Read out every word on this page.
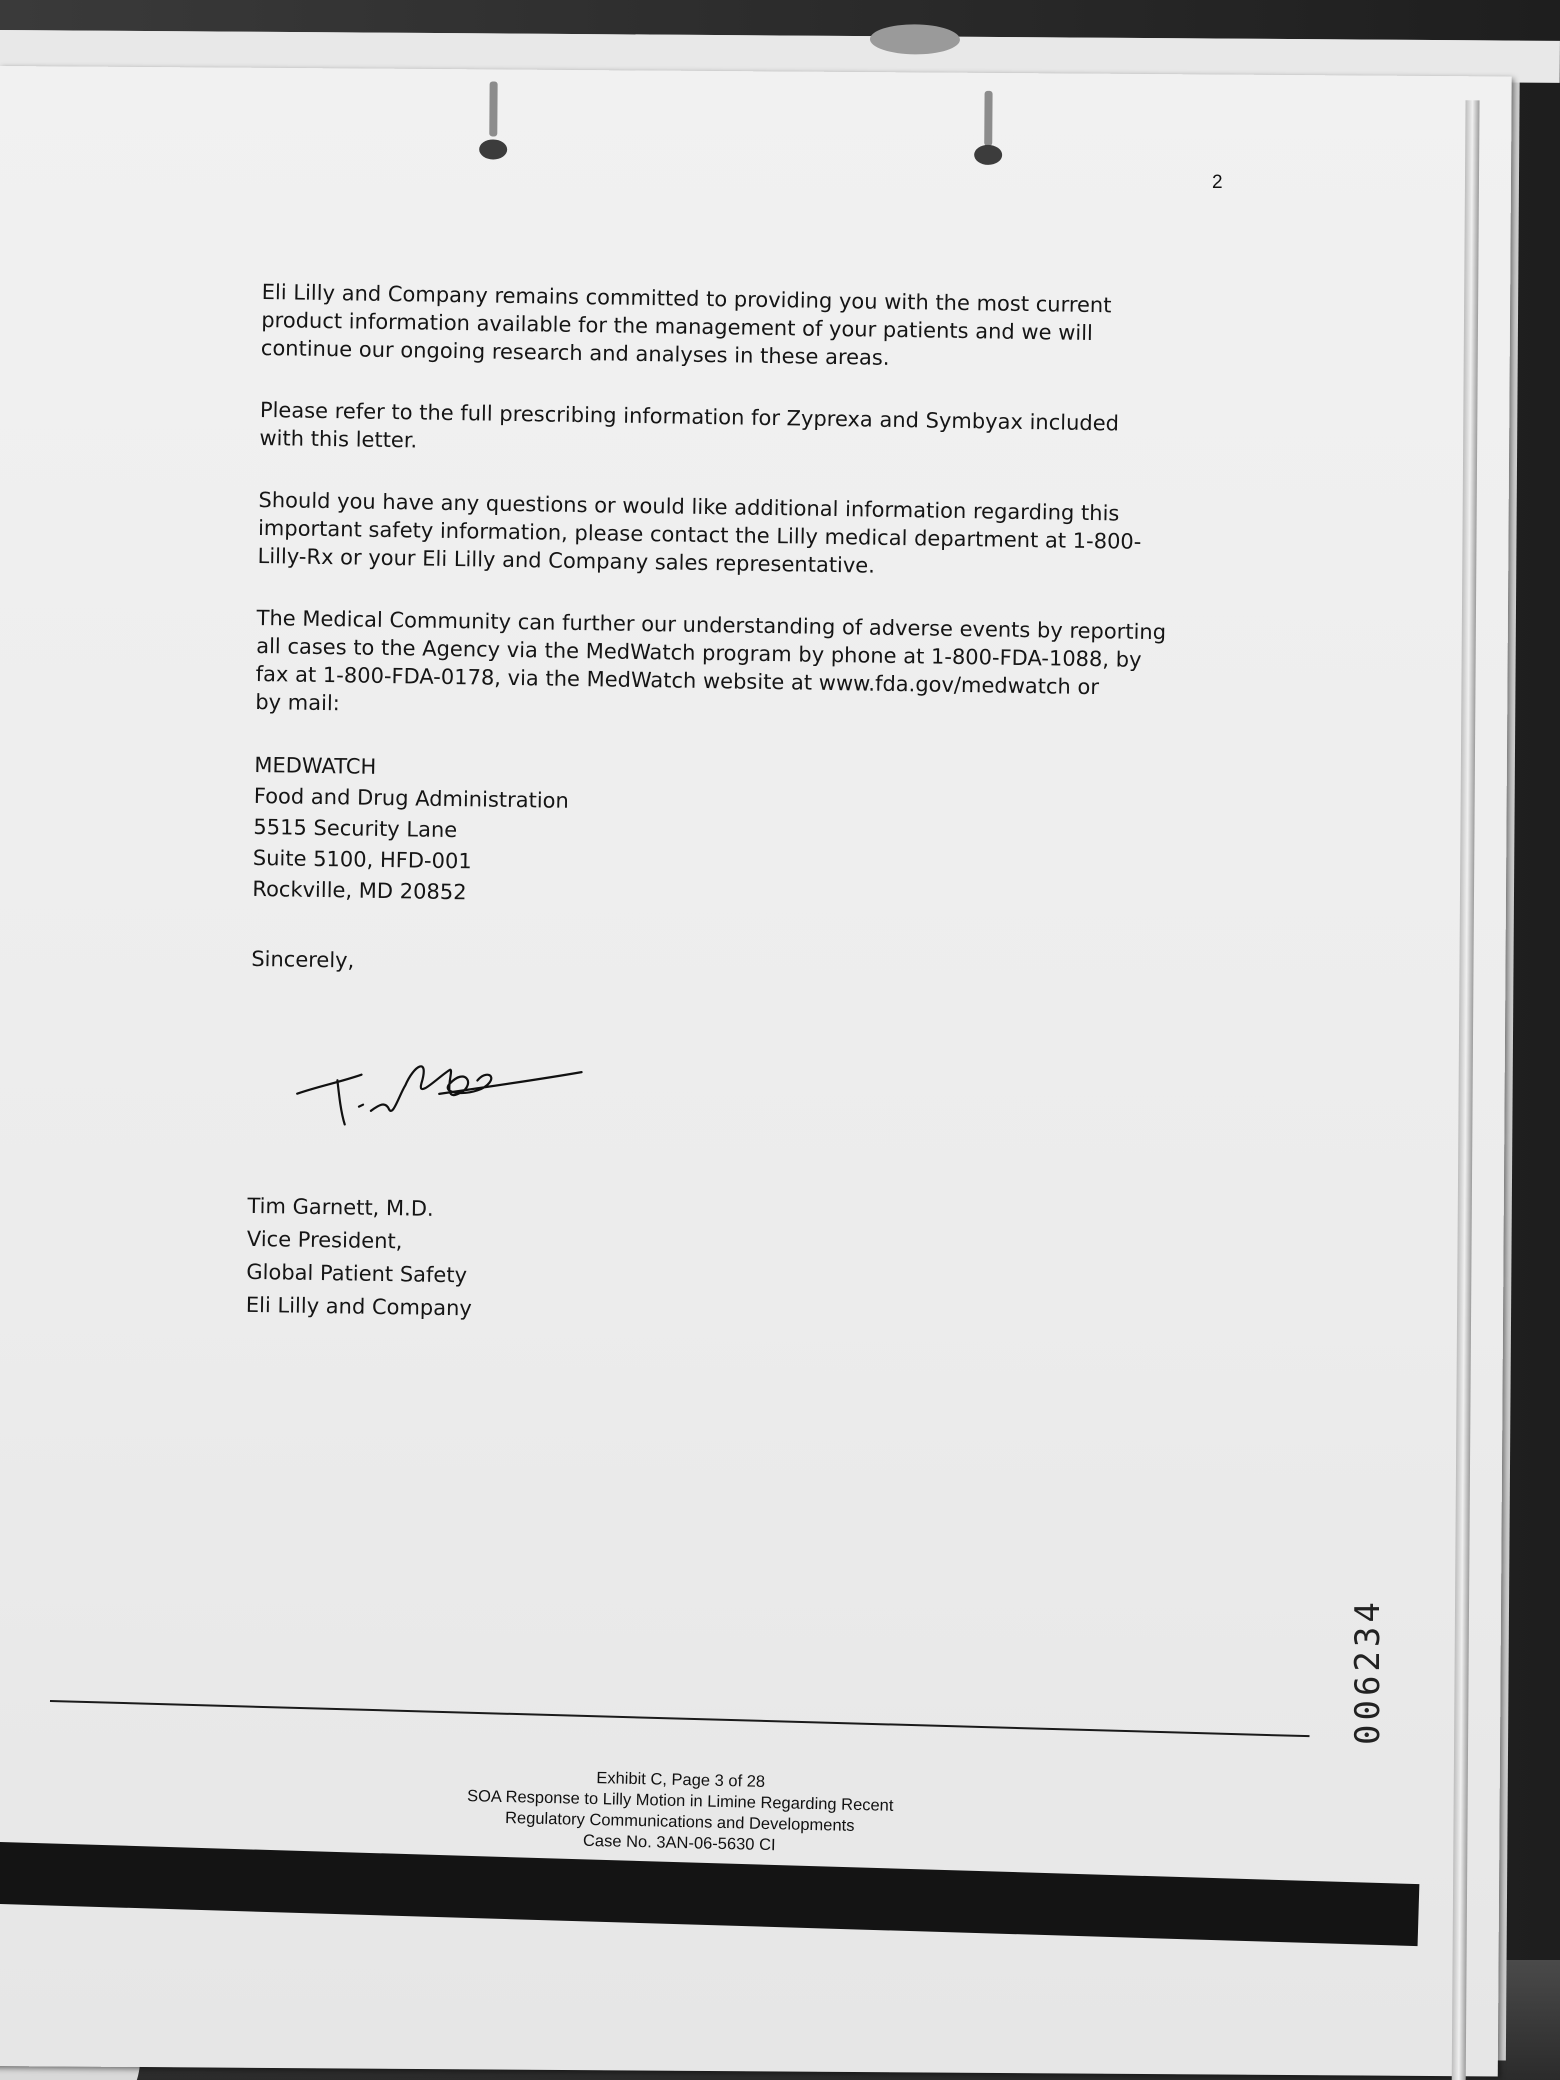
2

Eli Lilly and Company remains committed to providing you with the most current
product information available for the management of your patients and we will
continue our ongoing research and analyses in these areas.

Please refer to the full prescribing information for Zyprexa and Symbyax included
with this letter.

Should you have any questions or would like additional information regarding this
important safety information, please contact the Lilly medical department at 1-800-
Lilly-Rx or your Eli Lilly and Company sales representative.

The Medical Community can further our understanding of adverse events by reporting
all cases to the Agency via the MedWatch program by phone at 1-800-FDA-1088, by
fax at 1-800-FDA-0178, via the MedWatch website at www.fda.gov/medwatch or
by mail:

MEDWATCH
Food and Drug Administration
5515 Security Lane
Suite 5100, HFD-001
Rockville, MD 20852
Sincerely,
Tim Garnett, M.D.
Vice President,
Global Patient Safety
Eli Lilly and Company
Exhibit C, Page 3 of 28
SOA Response to Lilly Motion in Limine Regarding Recent
Regulatory Communications and Developments
Case No. 3AN-06-5630 CI
006234
